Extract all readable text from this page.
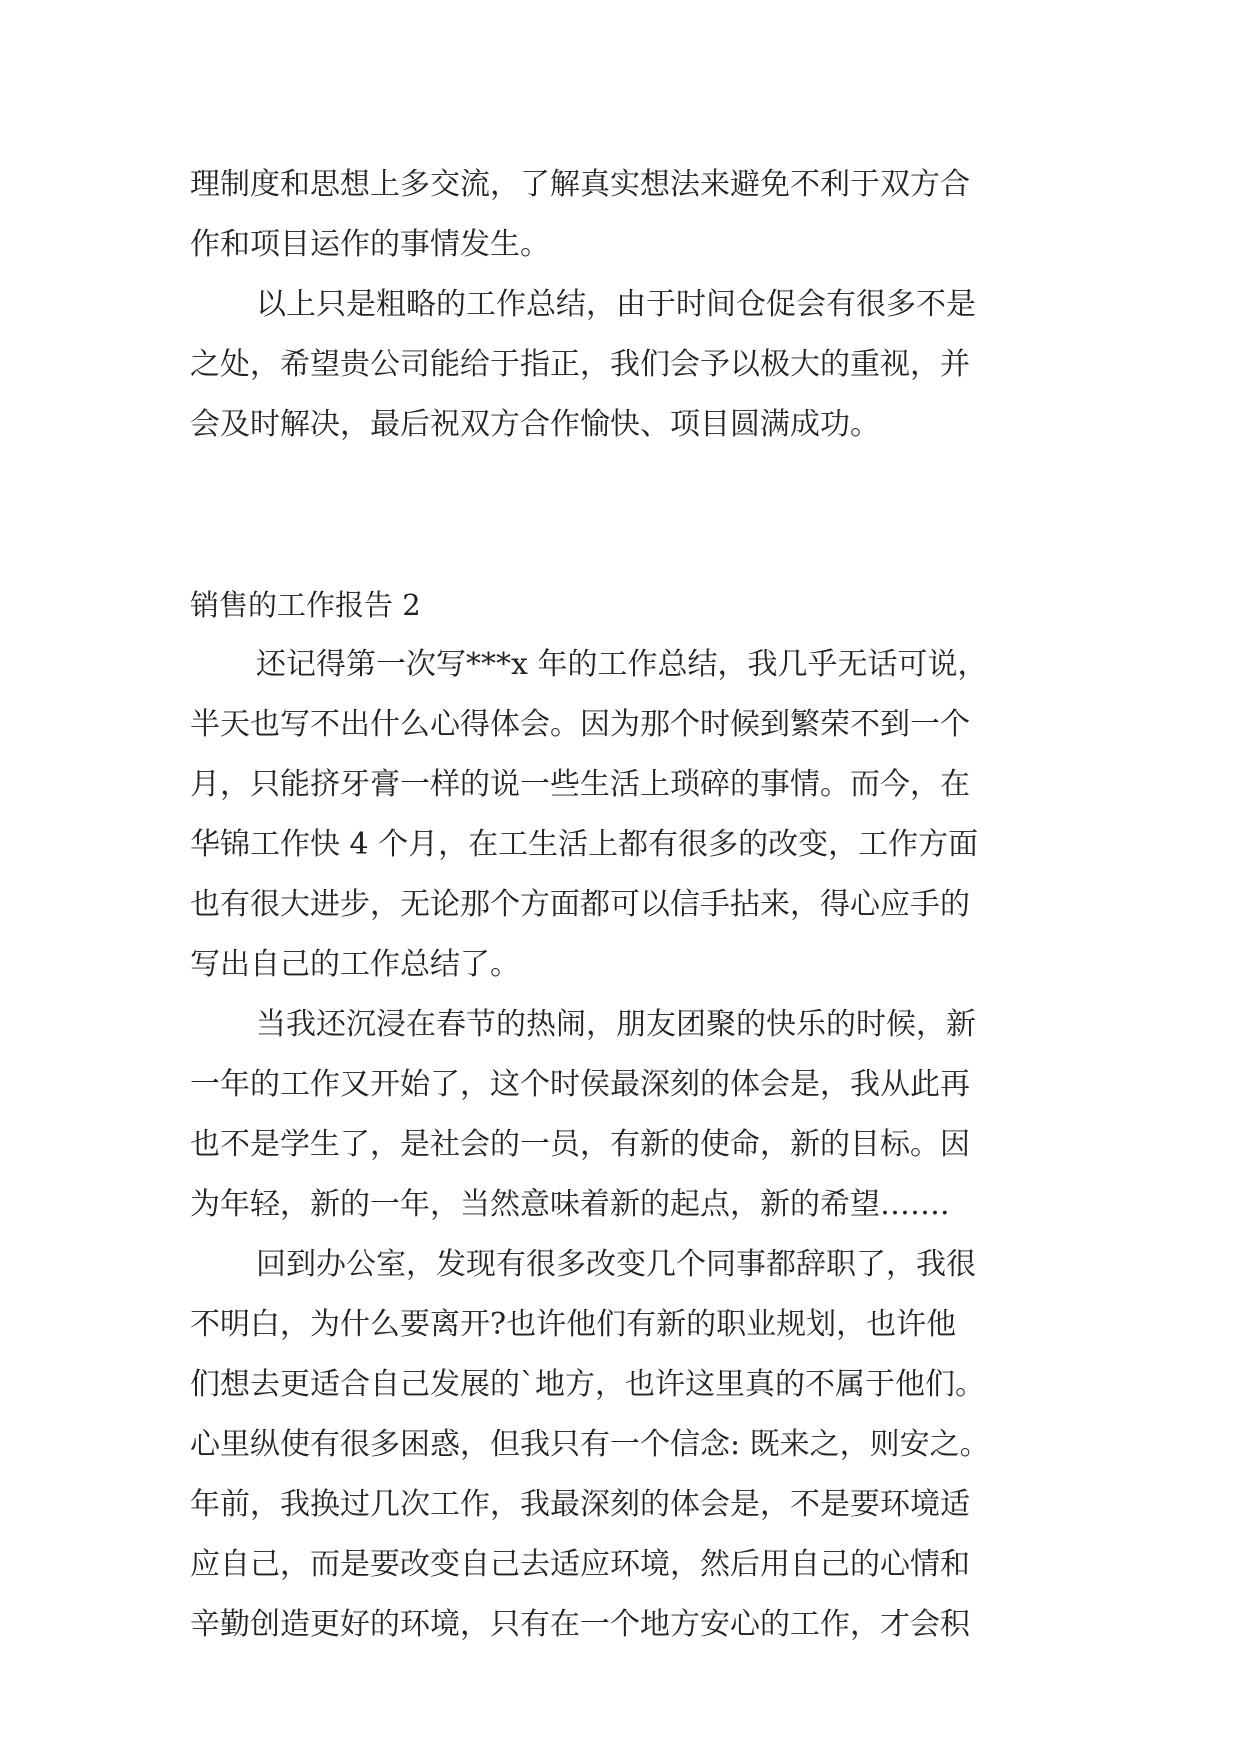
理制度和思想上多交流，了解真实想法来避免不利于双方合
作和项目运作的事情发生。
以上只是粗略的工作总结，由于时间仓促会有很多不是
之处，希望贵公司能给于指正，我们会予以极大的重视，并
会及时解决，最后祝双方合作愉快、项目圆满成功。
销售的工作报告 2
还记得第一次写***x 年的工作总结，我几乎无话可说，
半天也写不出什么心得体会。因为那个时候到繁荣不到一个
月，只能挤牙膏一样的说一些生活上琐碎的事情。而今，在
华锦工作快 4 个月，在工生活上都有很多的改变，工作方面
也有很大进步，无论那个方面都可以信手拈来，得心应手的
写出自己的工作总结了。
当我还沉浸在春节的热闹，朋友团聚的快乐的时候，新
一年的工作又开始了，这个时侯最深刻的体会是，我从此再
也不是学生了，是社会的一员，有新的使命，新的目标。因
为年轻，新的一年，当然意味着新的起点，新的希望…….
回到办公室，发现有很多改变几个同事都辞职了，我很
不明白，为什么要离开?也许他们有新的职业规划，也许他
们想去更适合自己发展的`地方，也许这里真的不属于他们。
心里纵使有很多困惑，但我只有一个信念: 既来之，则安之。
年前，我换过几次工作，我最深刻的体会是，不是要环境适
应自己，而是要改变自己去适应环境，然后用自己的心情和
辛勤创造更好的环境，只有在一个地方安心的工作，才会积
